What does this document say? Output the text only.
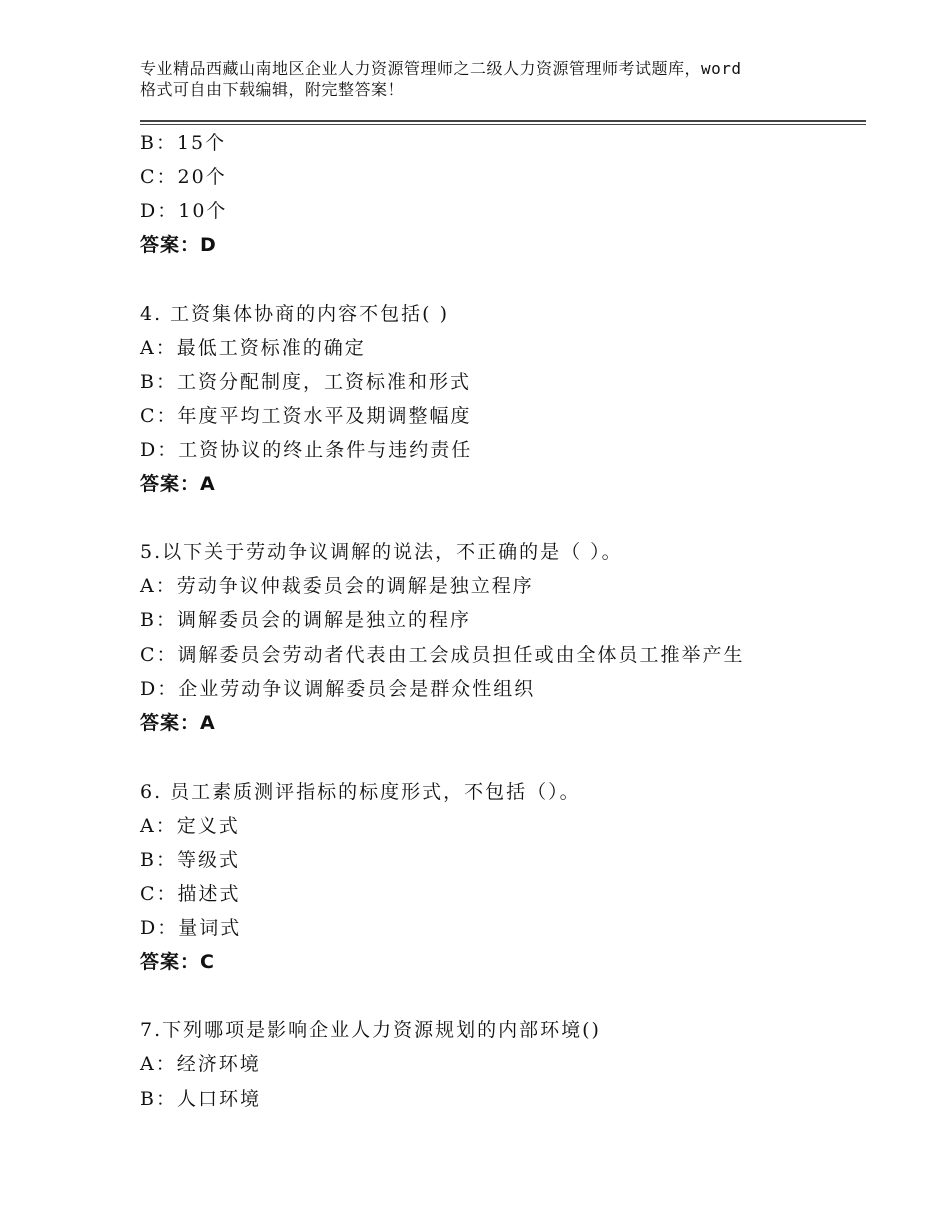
专业精品西藏山南地区企业人力资源管理师之二级人力资源管理师考试题库，word
格式可自由下载编辑，附完整答案！
B：15个
C：20个
D：10个
答案：D
4. 工资集体协商的内容不包括( )
A：最低工资标准的确定
B：工资分配制度，工资标准和形式
C：年度平均工资水平及期调整幅度
D：工资协议的终止条件与违约责任
答案：A
5.以下关于劳动争议调解的说法，不正确的是（ ）。
A：劳动争议仲裁委员会的调解是独立程序
B：调解委员会的调解是独立的程序
C：调解委员会劳动者代表由工会成员担任或由全体员工推举产生
D：企业劳动争议调解委员会是群众性组织
答案：A
6. 员工素质测评指标的标度形式，不包括（）。
A：定义式
B：等级式
C：描述式
D：量词式
答案：C
7.下列哪项是影响企业人力资源规划的内部环境()
A：经济环境
B：人口环境
